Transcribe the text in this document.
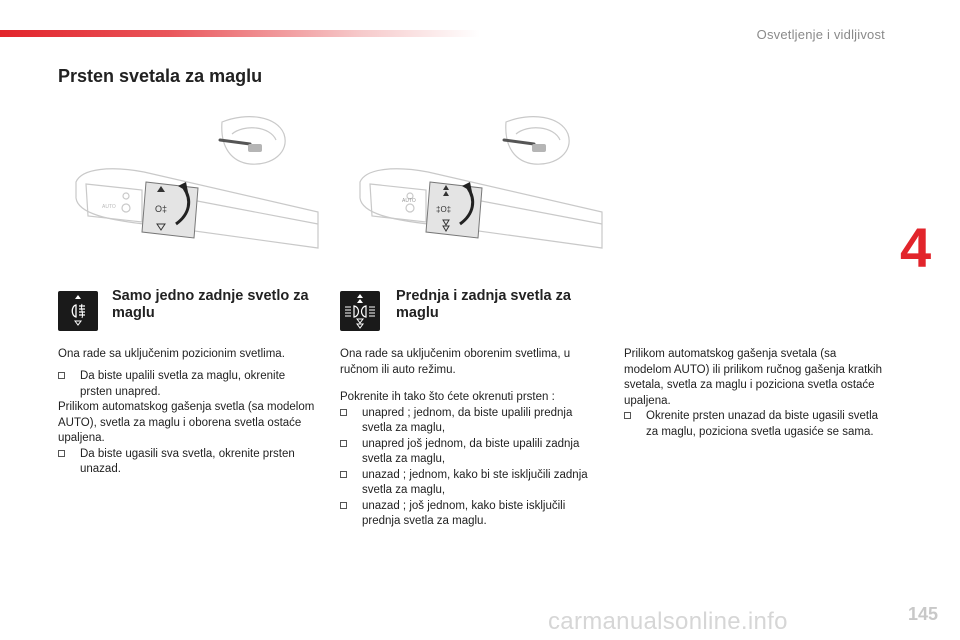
Osvetljenje i vidljivost
Prsten svetala za maglu
4
O‡
AUTO	‡O‡
AUTO
Samo jedno zadnje svetlo za maglu
Prednja i zadnja svetla za maglu
Ona rade sa uključenim pozicionim svetlima.
Da biste upalili svetla za maglu, okrenite prsten unapred.
Prilikom automatskog gašenja svetla (sa modelom AUTO), svetla za maglu i oborena svetla ostaće upaljena.
Da biste ugasili sva svetla, okrenite prsten unazad.
Ona rade sa uključenim oborenim svetlima, u ručnom ili auto režimu.
Pokrenite ih tako što ćete okrenuti prsten :
unapred ; jednom, da biste upalili prednja svetla za maglu,
unapred još jednom, da biste upalili zadnja svetla za maglu,
unazad ; jednom, kako bi ste isključili zadnja svetla za maglu,
unazad ; još jednom, kako biste isključili prednja svetla za maglu.
Prilikom automatskog gašenja svetala (sa modelom AUTO) ili prilikom ručnog gašenja kratkih svetala, svetla za maglu i poziciona svetla ostaće upaljena.
Okrenite prsten unazad da biste ugasili svetla za maglu, poziciona svetla ugasiće se sama.
carmanualsonline.info	145
